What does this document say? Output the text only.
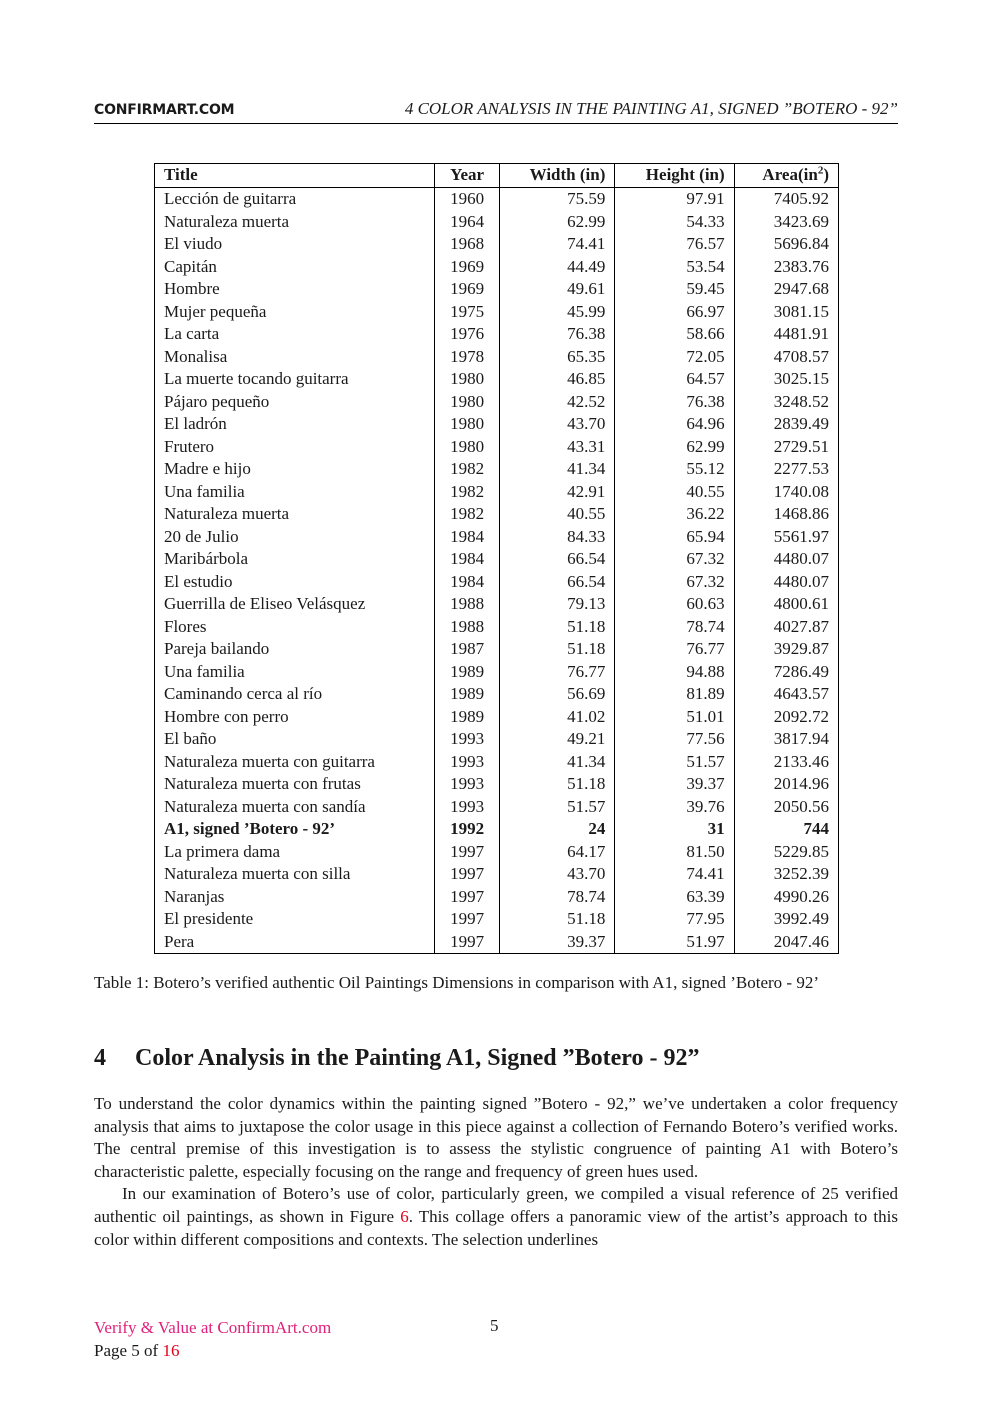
CONFIRMART.COM	4 COLOR ANALYSIS IN THE PAINTING A1, SIGNED ”BOTERO - 92”
Title	Year	Width (in)	Height (in)	$Area(in^2)$
Lección de guitarra	1960	75.59	97.91	7405.92
Naturaleza muerta	1964	62.99	54.33	3423.69
El viudo	1968	74.41	76.57	5696.84
Capitán	1969	44.49	53.54	2383.76
Hombre	1969	49.61	59.45	2947.68
Mujer pequeña	1975	45.99	66.97	3081.15
La carta	1976	76.38	58.66	4481.91
Monalisa	1978	65.35	72.05	4708.57
La muerte tocando guitarra	1980	46.85	64.57	3025.15
Pájaro pequeño	1980	42.52	76.38	3248.52
El ladrón	1980	43.70	64.96	2839.49
Frutero	1980	43.31	62.99	2729.51
Madre e hijo	1982	41.34	55.12	2277.53
Una familia	1982	42.91	40.55	1740.08
Naturaleza muerta	1982	40.55	36.22	1468.86
20 de Julio	1984	84.33	65.94	5561.97
Maribárbola	1984	66.54	67.32	4480.07
El estudio	1984	66.54	67.32	4480.07
Guerrilla de Eliseo Velásquez	1988	79.13	60.63	4800.61
Flores	1988	51.18	78.74	4027.87
Pareja bailando	1987	51.18	76.77	3929.87
Una familia	1989	76.77	94.88	7286.49
Caminando cerca al río	1989	56.69	81.89	4643.57
Hombre con perro	1989	41.02	51.01	2092.72
El baño	1993	49.21	77.56	3817.94
Naturaleza muerta con guitarra	1993	41.34	51.57	2133.46
Naturaleza muerta con frutas	1993	51.18	39.37	2014.96
Naturaleza muerta con sandía	1993	51.57	39.76	2050.56
A1, signed ’Botero - 92’	1992	24	31	744
La primera dama	1997	64.17	81.50	5229.85
Naturaleza muerta con silla	1997	43.70	74.41	3252.39
Naranjas	1997	78.74	63.39	4990.26
El presidente	1997	51.18	77.95	3992.49
Pera	1997	39.37	51.97	2047.46
Table 1: Botero’s verified authentic Oil Paintings Dimensions in comparison with A1, signed ’Botero - 92’
4 Color Analysis in the Painting A1, Signed ”Botero - 92”

To understand the color dynamics within the painting signed ”Botero - 92,” we’ve undertaken a color frequency analysis that aims to juxtapose the color usage in this piece against a collection of Fernando Botero’s verified works. The central premise of this investigation is to assess the stylistic congruence of painting A1 with Botero’s characteristic palette, especially focusing on the range and frequency of green hues used.

In our examination of Botero’s use of color, particularly green, we compiled a visual reference of 25 verified authentic oil paintings, as shown in Figure 6. This collage offers a panoramic view of the artist’s approach to this color within different compositions and contexts. The selection underlines

Verify & Value at ConfirmArt.com
Page 5 of 16
5
